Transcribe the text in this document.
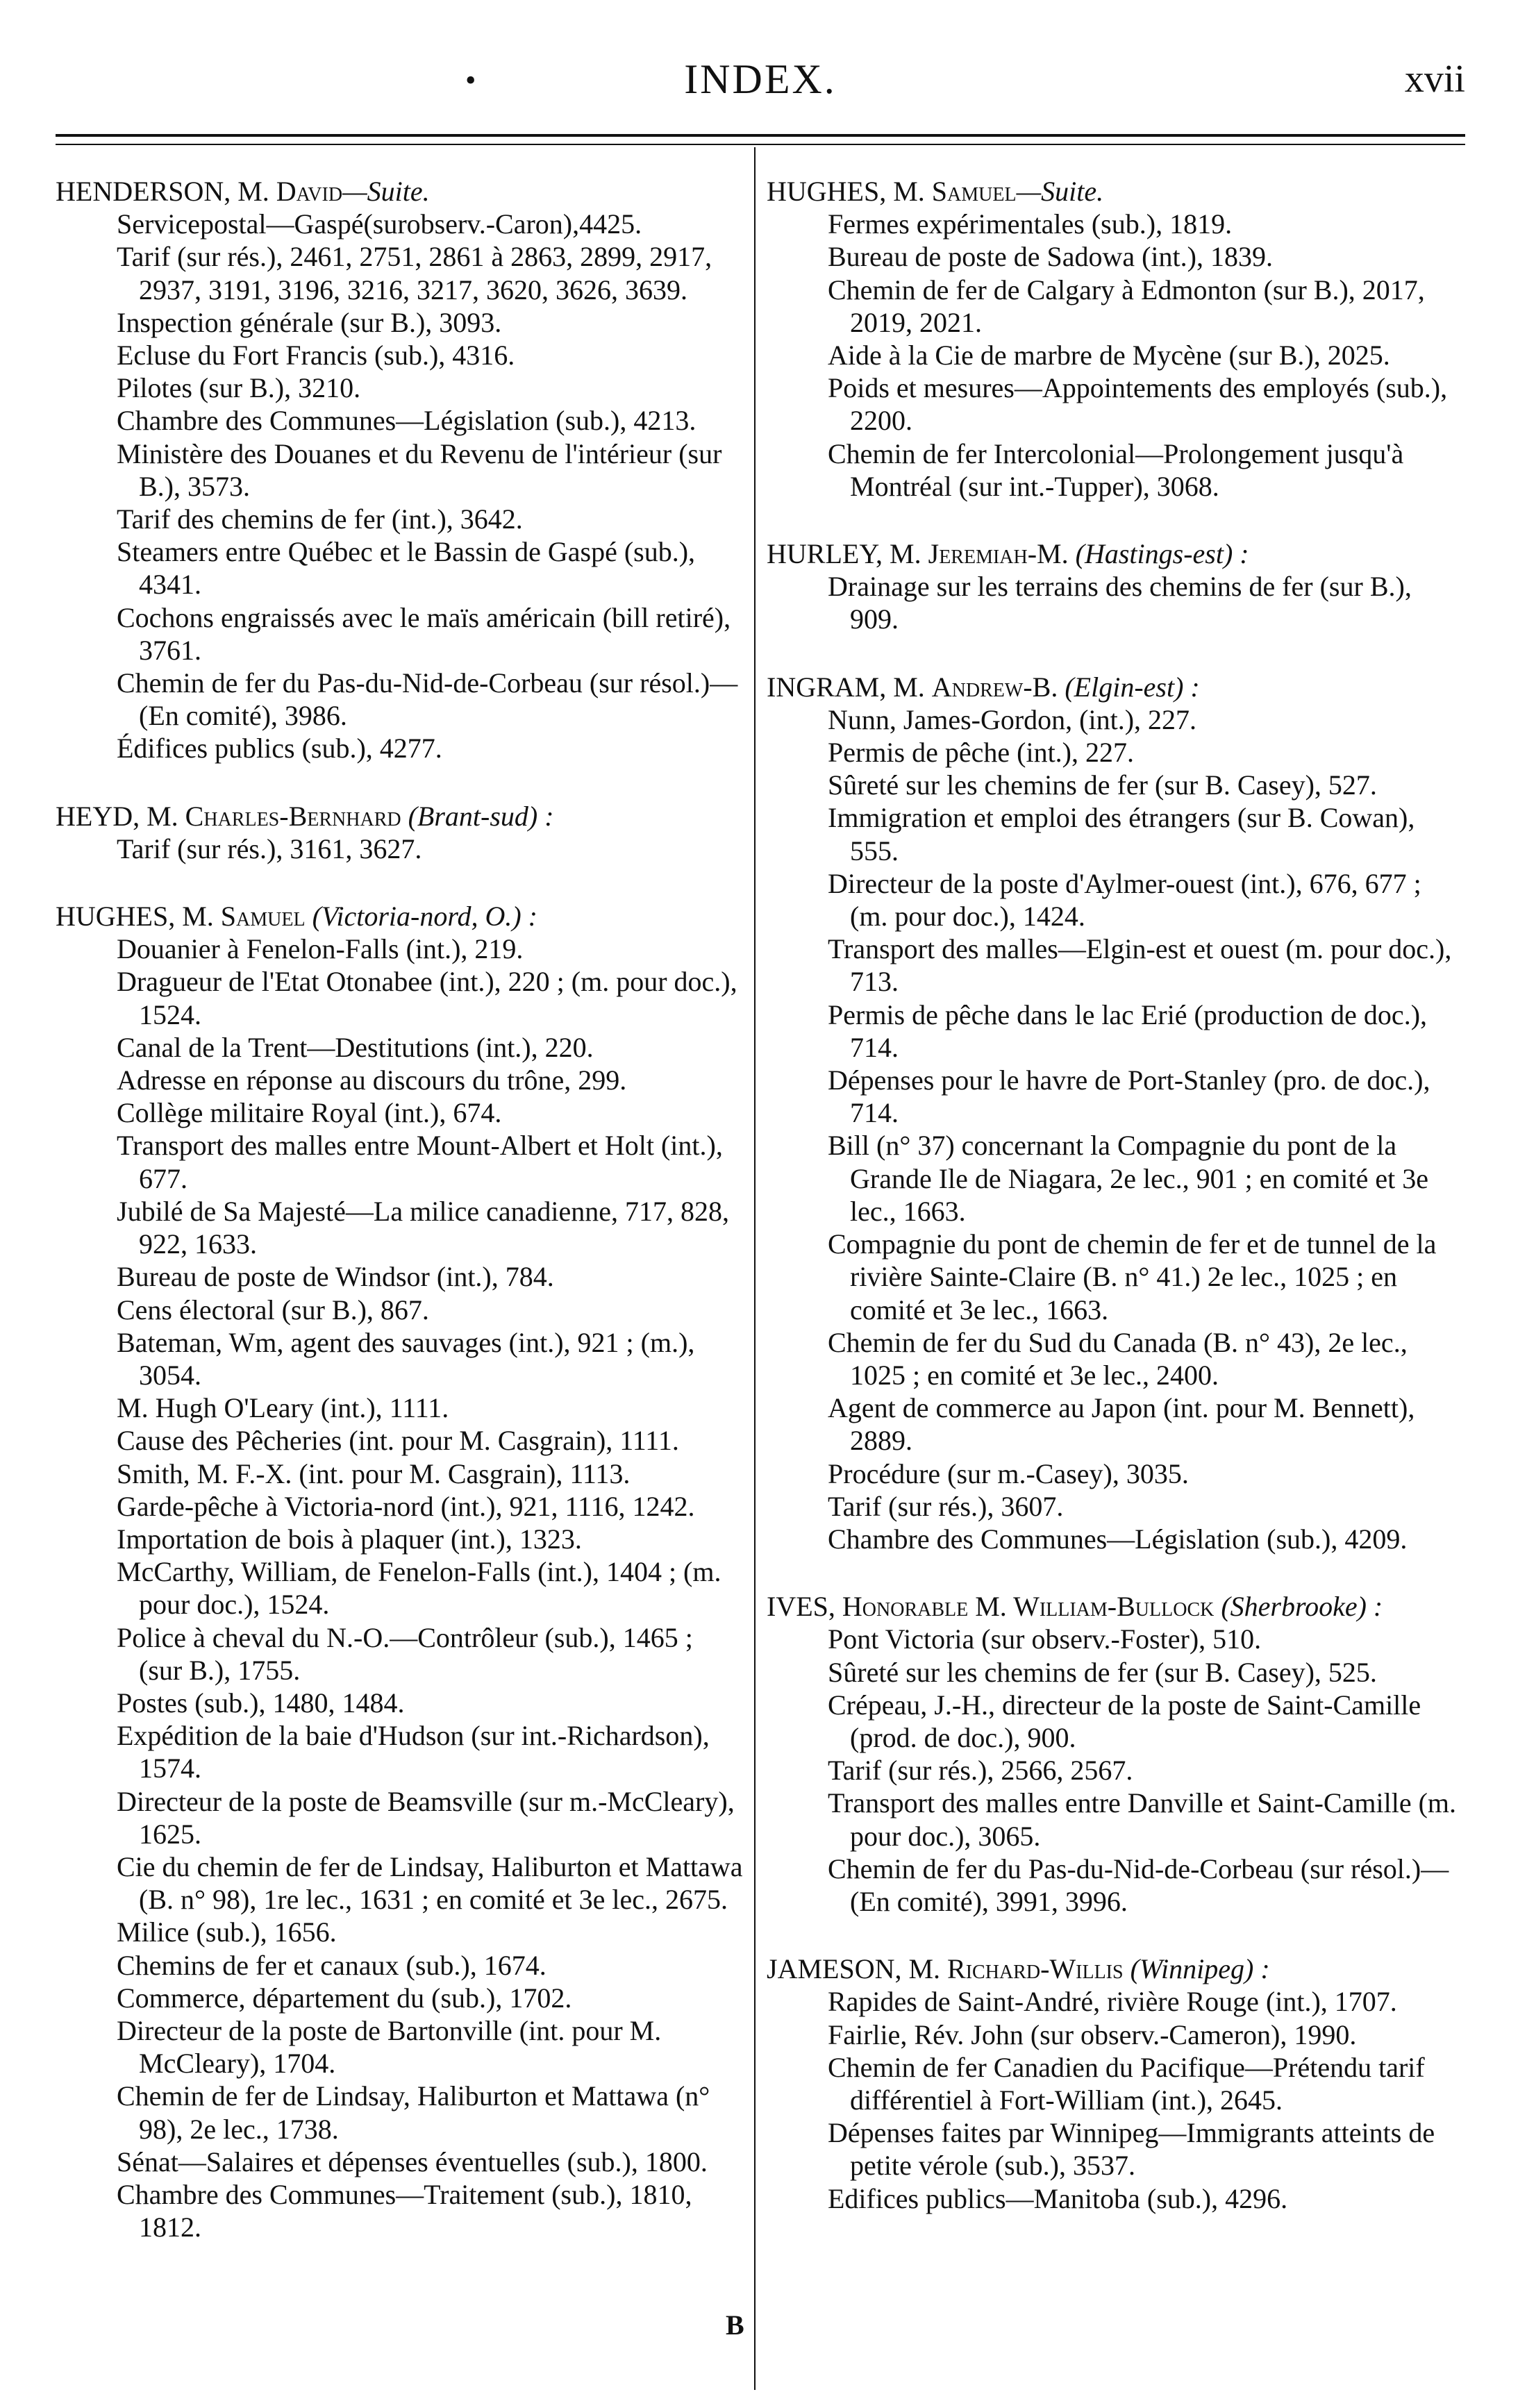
•	INDEX.	xvii
HENDERSON, M. David—Suite.
Servicepostal—Gaspé(surobserv.-Caron),4425.
Tarif (sur rés.), 2461, 2751, 2861 à 2863, 2899, 2917, 2937, 3191, 3196, 3216, 3217, 3620, 3626, 3639.
Inspection générale (sur B.), 3093.
Ecluse du Fort Francis (sub.), 4316.
Pilotes (sur B.), 3210.
Chambre des Communes—Législation (sub.), 4213.
Ministère des Douanes et du Revenu de l'intérieur (sur B.), 3573.
Tarif des chemins de fer (int.), 3642.
Steamers entre Québec et le Bassin de Gaspé (sub.), 4341.
Cochons engraissés avec le maïs américain (bill retiré), 3761.
Chemin de fer du Pas-du-Nid-de-Corbeau (sur résol.)—(En comité), 3986.
Édifices publics (sub.), 4277.
HEYD, M. Charles-Bernhard (Brant-sud) :
Tarif (sur rés.), 3161, 3627.
HUGHES, M. Samuel (Victoria-nord, O.) :
Douanier à Fenelon-Falls (int.), 219.
Dragueur de l'Etat Otonabee (int.), 220 ; (m. pour doc.), 1524.
Canal de la Trent—Destitutions (int.), 220.
Adresse en réponse au discours du trône, 299.
Collège militaire Royal (int.), 674.
Transport des malles entre Mount-Albert et Holt (int.), 677.
Jubilé de Sa Majesté—La milice canadienne, 717, 828, 922, 1633.
Bureau de poste de Windsor (int.), 784.
Cens électoral (sur B.), 867.
Bateman, Wm, agent des sauvages (int.), 921 ; (m.), 3054.
M. Hugh O'Leary (int.), 1111.
Cause des Pêcheries (int. pour M. Casgrain), 1111.
Smith, M. F.-X. (int. pour M. Casgrain), 1113.
Garde-pêche à Victoria-nord (int.), 921, 1116, 1242.
Importation de bois à plaquer (int.), 1323.
McCarthy, William, de Fenelon-Falls (int.), 1404 ; (m. pour doc.), 1524.
Police à cheval du N.-O.—Contrôleur (sub.), 1465 ; (sur B.), 1755.
Postes (sub.), 1480, 1484.
Expédition de la baie d'Hudson (sur int.-Richardson), 1574.
Directeur de la poste de Beamsville (sur m.-McCleary), 1625.
Cie du chemin de fer de Lindsay, Haliburton et Mattawa (B. n° 98), 1re lec., 1631 ; en comité et 3e lec., 2675.
Milice (sub.), 1656.
Chemins de fer et canaux (sub.), 1674.
Commerce, département du (sub.), 1702.
Directeur de la poste de Bartonville (int. pour M. McCleary), 1704.
Chemin de fer de Lindsay, Haliburton et Mattawa (n° 98), 2e lec., 1738.
Sénat—Salaires et dépenses éventuelles (sub.), 1800.
Chambre des Communes—Traitement (sub.), 1810, 1812.
HUGHES, M. Samuel—Suite.
Fermes expérimentales (sub.), 1819.
Bureau de poste de Sadowa (int.), 1839.
Chemin de fer de Calgary à Edmonton (sur B.), 2017, 2019, 2021.
Aide à la Cie de marbre de Mycène (sur B.), 2025.
Poids et mesures—Appointements des employés (sub.), 2200.
Chemin de fer Intercolonial—Prolongement jusqu'à Montréal (sur int.-Tupper), 3068.
HURLEY, M. Jeremiah-M. (Hastings-est) :
Drainage sur les terrains des chemins de fer (sur B.), 909.
INGRAM, M. Andrew-B. (Elgin-est) :
Nunn, James-Gordon, (int.), 227.
Permis de pêche (int.), 227.
Sûreté sur les chemins de fer (sur B. Casey), 527.
Immigration et emploi des étrangers (sur B. Cowan), 555.
Directeur de la poste d'Aylmer-ouest (int.), 676, 677 ; (m. pour doc.), 1424.
Transport des malles—Elgin-est et ouest (m. pour doc.), 713.
Permis de pêche dans le lac Erié (production de doc.), 714.
Dépenses pour le havre de Port-Stanley (pro. de doc.), 714.
Bill (n° 37) concernant la Compagnie du pont de la Grande Ile de Niagara, 2e lec., 901 ; en comité et 3e lec., 1663.
Compagnie du pont de chemin de fer et de tunnel de la rivière Sainte-Claire (B. n° 41.) 2e lec., 1025 ; en comité et 3e lec., 1663.
Chemin de fer du Sud du Canada (B. n° 43), 2e lec., 1025 ; en comité et 3e lec., 2400.
Agent de commerce au Japon (int. pour M. Bennett), 2889.
Procédure (sur m.-Casey), 3035.
Tarif (sur rés.), 3607.
Chambre des Communes—Législation (sub.), 4209.
IVES, Honorable M. William-Bullock (Sherbrooke) :
Pont Victoria (sur observ.-Foster), 510.
Sûreté sur les chemins de fer (sur B. Casey), 525.
Crépeau, J.-H., directeur de la poste de Saint-Camille (prod. de doc.), 900.
Tarif (sur rés.), 2566, 2567.
Transport des malles entre Danville et Saint-Camille (m. pour doc.), 3065.
Chemin de fer du Pas-du-Nid-de-Corbeau (sur résol.)—(En comité), 3991, 3996.
JAMESON, M. Richard-Willis (Winnipeg) :
Rapides de Saint-André, rivière Rouge (int.), 1707.
Fairlie, Rév. John (sur observ.-Cameron), 1990.
Chemin de fer Canadien du Pacifique—Prétendu tarif différentiel à Fort-William (int.), 2645.
Dépenses faites par Winnipeg—Immigrants atteints de petite vérole (sub.), 3537.
Edifices publics—Manitoba (sub.), 4296.
B
